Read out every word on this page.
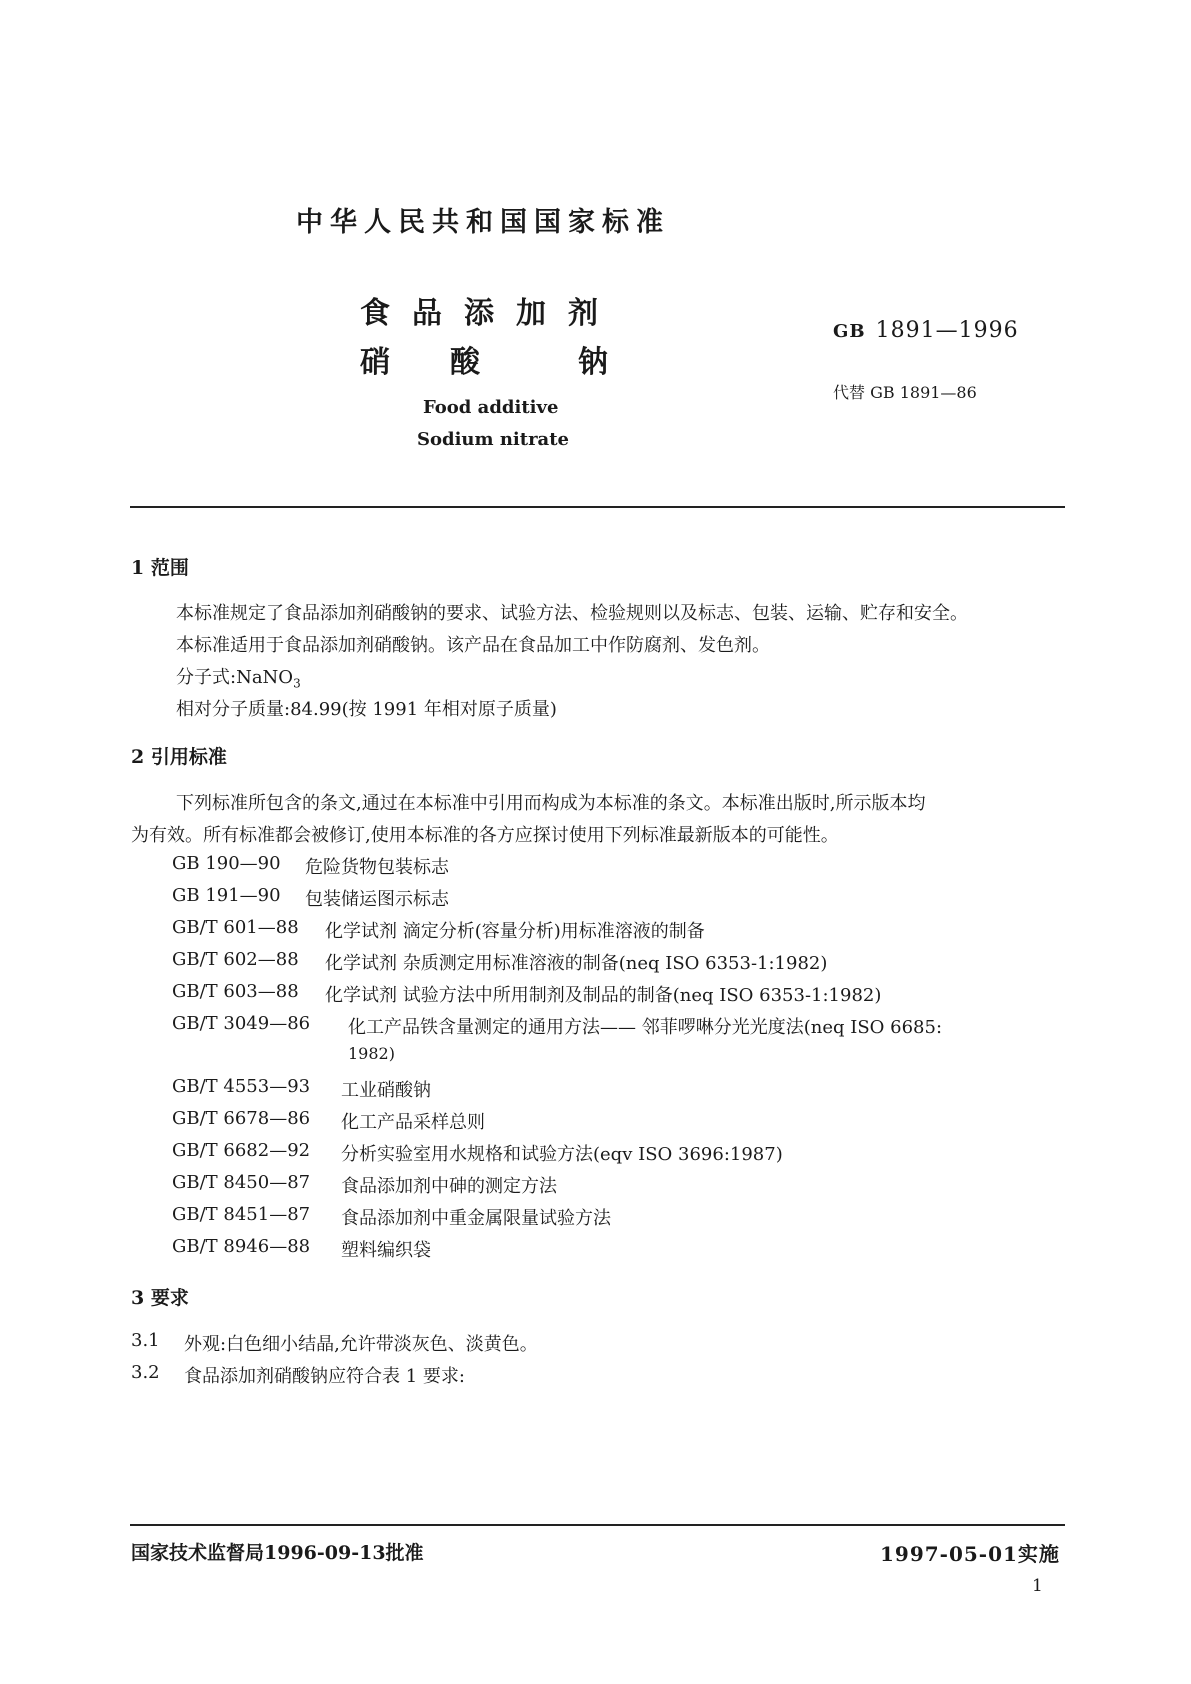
中华人民共和国国家标准
食品添加剂
硝 酸	钠
Food additive
Sodium nitrate
GB 1891—1996
代替 GB 1891—86
1 范围
本标准规定了食品添加剂硝酸钠的要求、试验方法、检验规则以及标志、包装、运输、贮存和安全。
本标准适用于食品添加剂硝酸钠。该产品在食品加工中作防腐剂、发色剂。
分子式:NaNO$_3$
相对分子质量:84.99(按 1991 年相对原子质量)
2 引用标准
下列标准所包含的条文,通过在本标准中引用而构成为本标准的条文。本标准出版时,所示版本均
为有效。所有标准都会被修订,使用本标准的各方应探讨使用下列标准最新版本的可能性。
GB 190—90 危险货物包装标志
GB 191—90 包装储运图示标志
GB/T 601—88 化学试剂 滴定分析(容量分析)用标准溶液的制备
GB/T 602—88 化学试剂 杂质测定用标准溶液的制备(neq ISO 6353-1:1982)
GB/T 603—88 化学试剂 试验方法中所用制剂及制品的制备(neq ISO 6353-1:1982)
GB/T 3049—86 化工产品铁含量测定的通用方法—— 邻菲啰啉分光光度法(neq ISO 6685:
1982)
GB/T 4553—93 工业硝酸钠
GB/T 6678—86 化工产品采样总则
GB/T 6682—92 分析实验室用水规格和试验方法(eqv ISO 3696:1987)
GB/T 8450—87 食品添加剂中砷的测定方法
GB/T 8451—87 食品添加剂中重金属限量试验方法
GB/T 8946—88 塑料编织袋
3 要求
3.1 外观:白色细小结晶,允许带淡灰色、淡黄色。
3.2 食品添加剂硝酸钠应符合表 1 要求:
国家技术监督局1996-09-13批准	1997-05-01实施
1
